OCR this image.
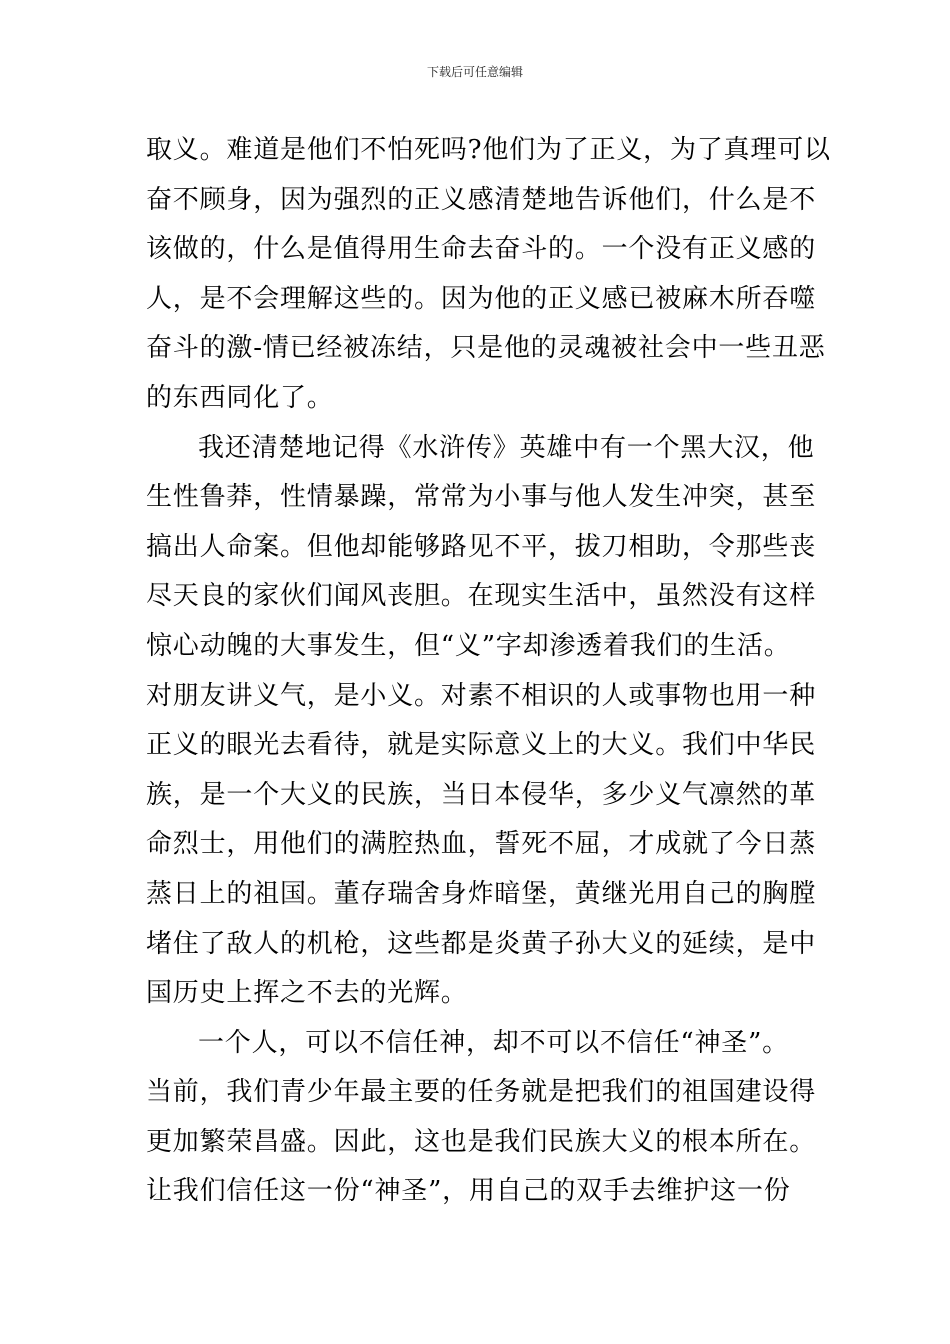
下载后可任意编辑
取义。难道是他们不怕死吗?他们为了正义，为了真理可以
奋不顾身，因为强烈的正义感清楚地告诉他们，什么是不
该做的，什么是值得用生命去奋斗的。一个没有正义感的
人，是不会理解这些的。因为他的正义感已被麻木所吞噬
奋斗的激-情已经被冻结，只是他的灵魂被社会中一些丑恶
的东西同化了。
我还清楚地记得《水浒传》英雄中有一个黑大汉，他
生性鲁莽，性情暴躁，常常为小事与他人发生冲突，甚至
搞出人命案。但他却能够路见不平，拔刀相助，令那些丧
尽天良的家伙们闻风丧胆。在现实生活中，虽然没有这样
惊心动魄的大事发生，但“义”字却渗透着我们的生活。
对朋友讲义气，是小义。对素不相识的人或事物也用一种
正义的眼光去看待，就是实际意义上的大义。我们中华民
族，是一个大义的民族，当日本侵华，多少义气凛然的革
命烈士，用他们的满腔热血，誓死不屈，才成就了今日蒸
蒸日上的祖国。董存瑞舍身炸暗堡，黄继光用自己的胸膛
堵住了敌人的机枪，这些都是炎黄子孙大义的延续，是中
国历史上挥之不去的光辉。
一个人，可以不信任神，却不可以不信任“神圣”。
当前，我们青少年最主要的任务就是把我们的祖国建设得
更加繁荣昌盛。因此，这也是我们民族大义的根本所在。
让我们信任这一份“神圣”，用自己的双手去维护这一份
